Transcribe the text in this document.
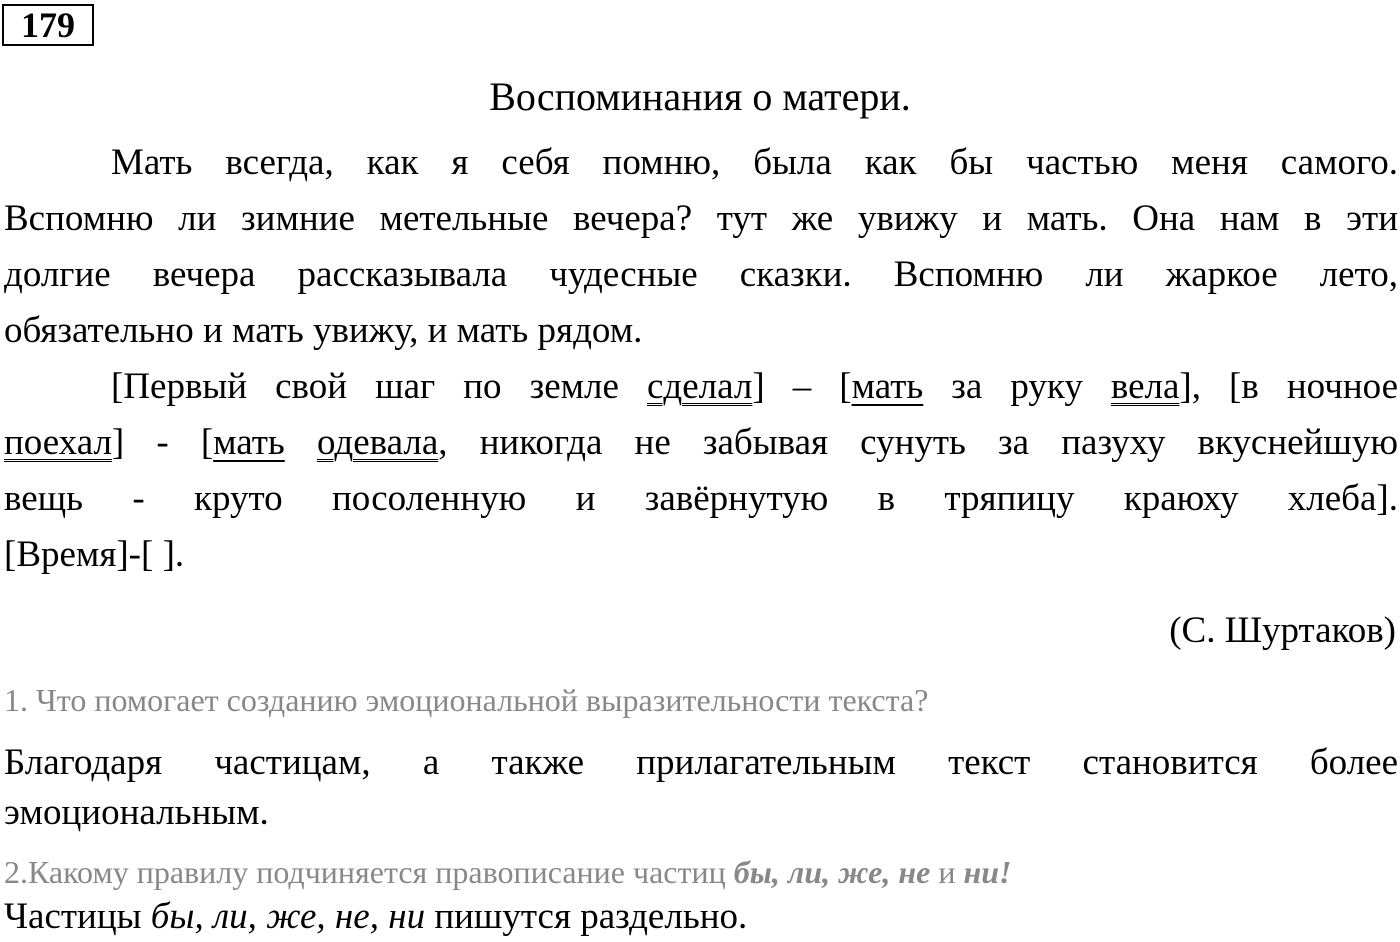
179
Воспоминания о матери.
Мать всегда, как я себя помню, была как бы частью меня самого.
Вспомню ли зимние метельные вечера? тут же увижу и мать. Она нам в эти
долгие вечера рассказывала чудесные сказки. Вспомню ли жаркое лето,
обязательно и мать увижу, и мать рядом.
[Первый свой шаг по земле сделал] – [мать за руку вела], [в ночное
поехал] - [мать одевала, никогда не забывая сунуть за пазуху вкуснейшую
вещь - круто посоленную и завёрнутую в тряпицу краюху хлеба].
[Время]-[ ].
(С. Шуртаков)
1. Что помогает созданию эмоциональной выразительности текста?
Благодаря частицам, а также прилагательным текст становится более
эмоциональным.
2.Какому правилу подчиняется правописание частиц бы, ли, же, не и ни!
Частицы бы, ли, же, не, ни пишутся раздельно.
